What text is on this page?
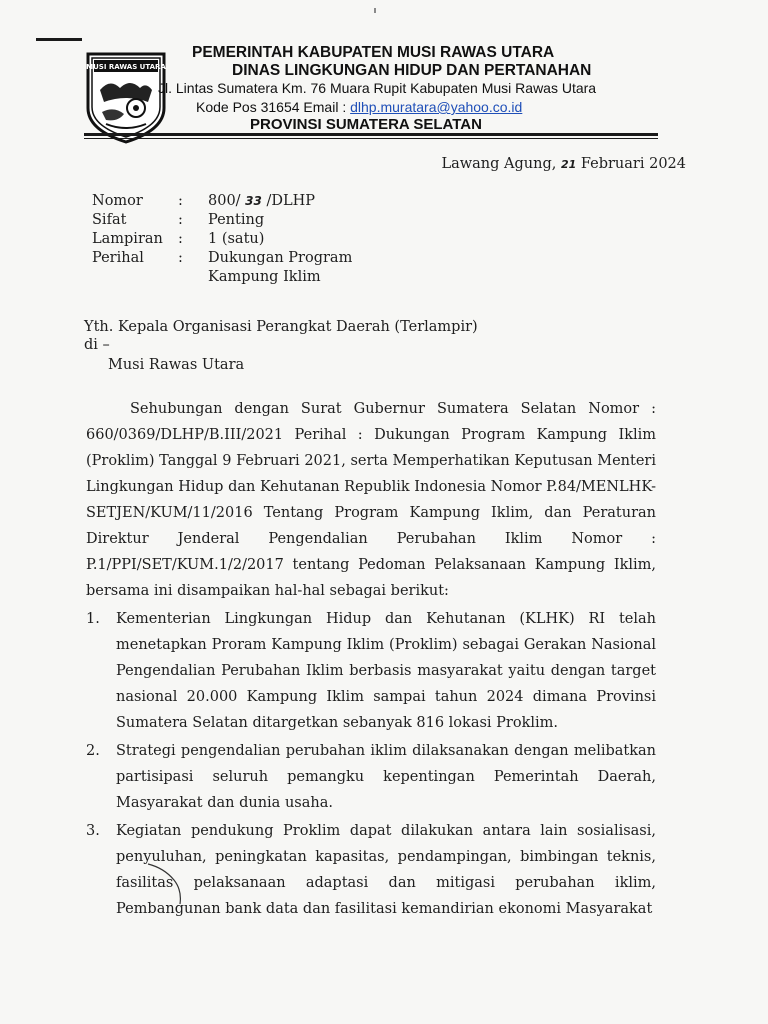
MUSI RAWAS UTARA
PEMERINTAH KABUPATEN MUSI RAWAS UTARA
DINAS LINGKUNGAN HIDUP DAN PERTANAHAN
Jl. Lintas Sumatera Km. 76 Muara Rupit Kabupaten Musi Rawas Utara
Kode Pos 31654 Email : dlhp.muratara@yahoo.co.id
PROVINSI SUMATERA SELATAN
Lawang Agung, 21 Februari 2024
Nomor	:	800/ 33 /DLHP
Sifat	:	Penting
Lampiran	:	1 (satu)
Perihal	:	Dukungan Program Kampung Iklim
Yth. Kepala Organisasi Perangkat Daerah (Terlampir)
di –
Musi Rawas Utara

Sehubungan dengan Surat Gubernur Sumatera Selatan Nomor : 660/0369/DLHP/B.III/2021 Perihal : Dukungan Program Kampung Iklim (Proklim) Tanggal 9 Februari 2021, serta Memperhatikan Keputusan Menteri Lingkungan Hidup dan Kehutanan Republik Indonesia Nomor P.84/MENLHK-SETJEN/KUM/11/2016 Tentang Program Kampung Iklim, dan Peraturan Direktur Jenderal Pengendalian Perubahan Iklim Nomor : P.1/PPI/SET/KUM.1/2/2017 tentang Pedoman Pelaksanaan Kampung Iklim, bersama ini disampaikan hal-hal sebagai berikut:

1.	Kementerian Lingkungan Hidup dan Kehutanan (KLHK) RI telah menetapkan Proram Kampung Iklim (Proklim) sebagai Gerakan Nasional Pengendalian Perubahan Iklim berbasis masyarakat yaitu dengan target nasional 20.000 Kampung Iklim sampai tahun 2024 dimana Provinsi Sumatera Selatan ditargetkan sebanyak 816 lokasi Proklim.
2.	Strategi pengendalian perubahan iklim dilaksanakan dengan melibatkan partisipasi seluruh pemangku kepentingan Pemerintah Daerah, Masyarakat dan dunia usaha.
3.	Kegiatan pendukung Proklim dapat dilakukan antara lain sosialisasi, penyuluhan, peningkatan kapasitas, pendampingan, bimbingan teknis, fasilitas pelaksanaan adaptasi dan mitigasi perubahan iklim, Pembangunan bank data dan fasilitasi kemandirian ekonomi Masyarakat
